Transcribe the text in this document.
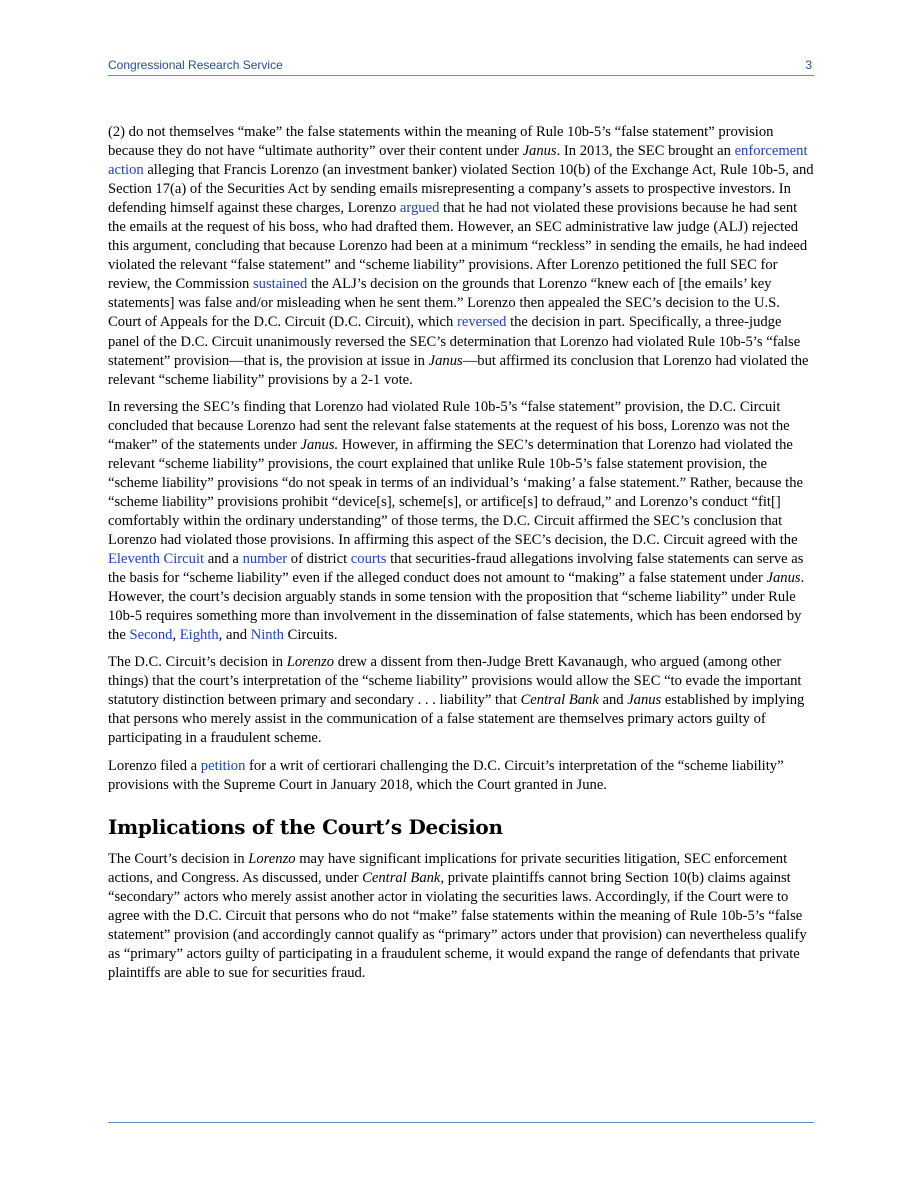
Congressional Research Service	3

(2) do not themselves “make” the false statements within the meaning of Rule 10b-5’s “false statement” provision because they do not have “ultimate authority” over their content under Janus. In 2013, the SEC brought an enforcement action alleging that Francis Lorenzo (an investment banker) violated Section 10(b) of the Exchange Act, Rule 10b-5, and Section 17(a) of the Securities Act by sending emails misrepresenting a company’s assets to prospective investors. In defending himself against these charges, Lorenzo argued that he had not violated these provisions because he had sent the emails at the request of his boss, who had drafted them. However, an SEC administrative law judge (ALJ) rejected this argument, concluding that because Lorenzo had been at a minimum “reckless” in sending the emails, he had indeed violated the relevant “false statement” and “scheme liability” provisions. After Lorenzo petitioned the full SEC for review, the Commission sustained the ALJ’s decision on the grounds that Lorenzo “knew each of [the emails’ key statements] was false and/or misleading when he sent them.” Lorenzo then appealed the SEC’s decision to the U.S. Court of Appeals for the D.C. Circuit (D.C. Circuit), which reversed the decision in part. Specifically, a three-judge panel of the D.C. Circuit unanimously reversed the SEC’s determination that Lorenzo had violated Rule 10b-5’s “false statement” provision—that is, the provision at issue in Janus—but affirmed its conclusion that Lorenzo had violated the relevant “scheme liability” provisions by a 2-1 vote.

In reversing the SEC’s finding that Lorenzo had violated Rule 10b-5’s “false statement” provision, the D.C. Circuit concluded that because Lorenzo had sent the relevant false statements at the request of his boss, Lorenzo was not the “maker” of the statements under Janus. However, in affirming the SEC’s determination that Lorenzo had violated the relevant “scheme liability” provisions, the court explained that unlike Rule 10b-5’s false statement provision, the “scheme liability” provisions “do not speak in terms of an individual’s ‘making’ a false statement.” Rather, because the “scheme liability” provisions prohibit “device[s], scheme[s], or artifice[s] to defraud,” and Lorenzo’s conduct “fit[] comfortably within the ordinary understanding” of those terms, the D.C. Circuit affirmed the SEC’s conclusion that Lorenzo had violated those provisions. In affirming this aspect of the SEC’s decision, the D.C. Circuit agreed with the Eleventh Circuit and a number of district courts that securities-fraud allegations involving false statements can serve as the basis for “scheme liability” even if the alleged conduct does not amount to “making” a false statement under Janus. However, the court’s decision arguably stands in some tension with the proposition that “scheme liability” under Rule 10b-5 requires something more than involvement in the dissemination of false statements, which has been endorsed by the Second, Eighth, and Ninth Circuits.

The D.C. Circuit’s decision in Lorenzo drew a dissent from then-Judge Brett Kavanaugh, who argued (among other things) that the court’s interpretation of the “scheme liability” provisions would allow the SEC “to evade the important statutory distinction between primary and secondary . . . liability” that Central Bank and Janus established by implying that persons who merely assist in the communication of a false statement are themselves primary actors guilty of participating in a fraudulent scheme.

Lorenzo filed a petition for a writ of certiorari challenging the D.C. Circuit’s interpretation of the “scheme liability” provisions with the Supreme Court in January 2018, which the Court granted in June.

Implications of the Court’s Decision

The Court’s decision in Lorenzo may have significant implications for private securities litigation, SEC enforcement actions, and Congress. As discussed, under Central Bank, private plaintiffs cannot bring Section 10(b) claims against “secondary” actors who merely assist another actor in violating the securities laws. Accordingly, if the Court were to agree with the D.C. Circuit that persons who do not “make” false statements within the meaning of Rule 10b-5’s “false statement” provision (and accordingly cannot qualify as “primary” actors under that provision) can nevertheless qualify as “primary” actors guilty of participating in a fraudulent scheme, it would expand the range of defendants that private plaintiffs are able to sue for securities fraud.
